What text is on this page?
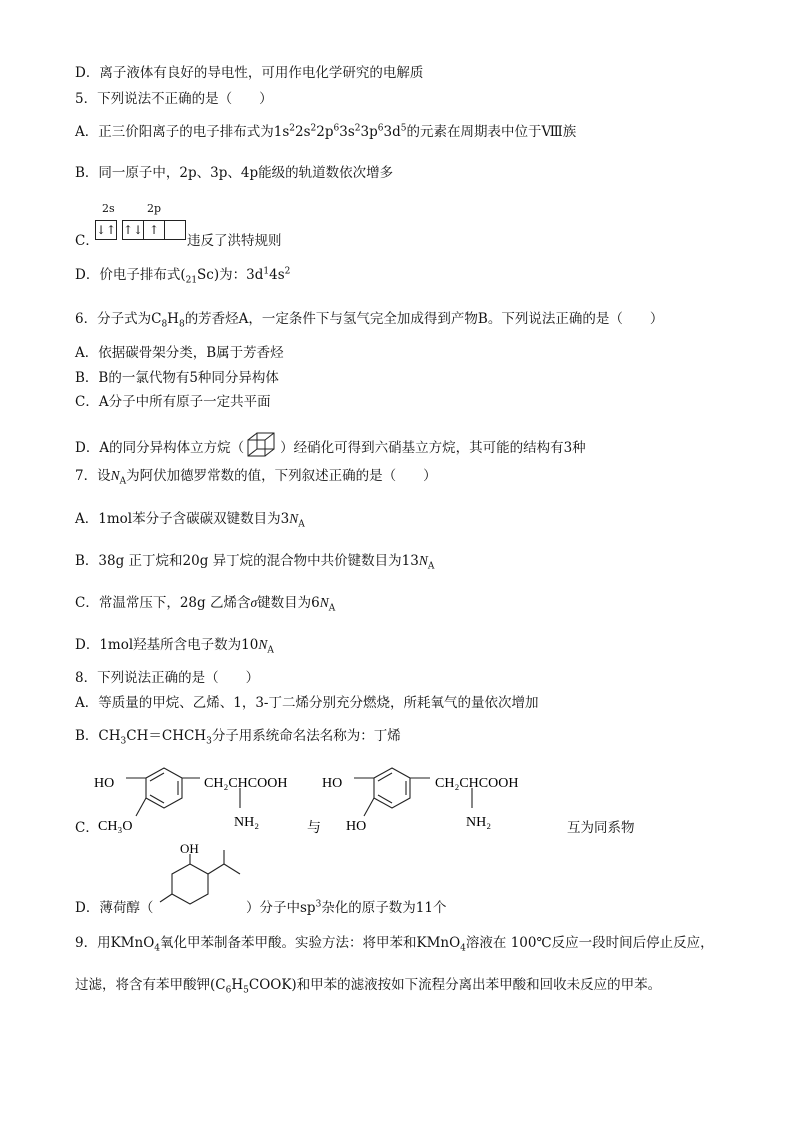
D．离子液体有良好的导电性，可用作电化学研究的电解质
5．下列说法不正确的是（　　）
A．正三价阳离子的电子排布式为$1s^22s^22p^63s^23p^63d^5$的元素在周期表中位于Ⅷ族
B．同一原子中，2p、3p、4p能级的轨道数依次增多
C．
2s	2p
↓↑ ↑↓ ↑
违反了洪特规则
D．价电子排布式$(_{21}Sc)$为：$3d^14s^2$
6．分子式为$C_8H_8$的芳香烃A，一定条件下与氢气完全加成得到产物B。下列说法正确的是（　　）
A．依据碳骨架分类，B属于芳香烃
B．B的一氯代物有5种同分异构体
C．A分子中所有原子一定共平面
D．A的同分异构体立方烷（	）经硝化可得到六硝基立方烷，其可能的结构有3种
7．设$N_A$为阿伏加德罗常数的值，下列叙述正确的是（　　）
A．1mol苯分子含碳碳双键数目为$3N_A$
B．38g 正丁烷和20g 异丁烷的混合物中共价键数目为$13N_A$
C．常温常压下，28g 乙烯含σ键数目为$6N_A$
D．1mol羟基所含电子数为$10N_A$
8．下列说法正确的是（　　）
A．等质量的甲烷、乙烯、1，3-丁二烯分别充分燃烧，所耗氧气的量依次增加
B．$CH_3CH=CHCH_3$分子用系统命名法名称为：丁烯
C．
HO
CH₃O
CH₂CHCOOH
NH₂	与
HO
HO
CH₂CHCOOH
NH₂	互为同系物
D．薄荷醇（
OH
）分子中$sp^3$杂化的原子数为11个
9．用KMnO$_4$氧化甲苯制备苯甲酸。实验方法：将甲苯和KMnO$_4$溶液在 100℃反应一段时间后停止反应，
过滤，将含有苯甲酸钾$(C_6H_5COOK)$和甲苯的滤液按如下流程分离出苯甲酸和回收未反应的甲苯。
